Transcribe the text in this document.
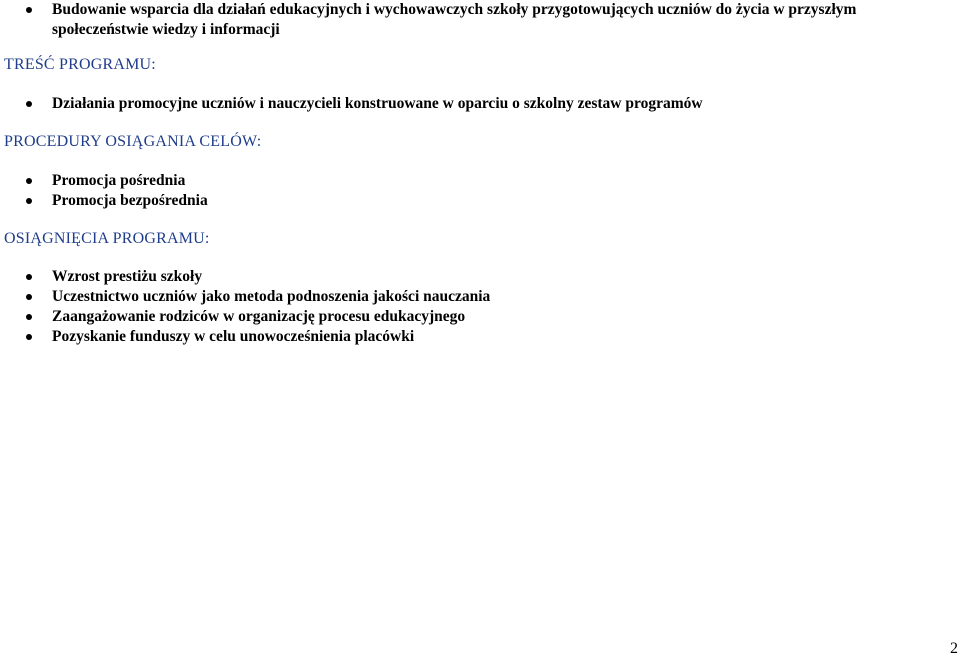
Budowanie wsparcia dla działań edukacyjnych i wychowawczych szkoły przygotowujących uczniów do życia w przyszłym społeczeństwie wiedzy i informacji
TREŚĆ PROGRAMU:
Działania promocyjne uczniów i nauczycieli konstruowane w oparciu o szkolny zestaw programów
PROCEDURY OSIĄGANIA CELÓW:
Promocja pośrednia
Promocja bezpośrednia
OSIĄGNIĘCIA PROGRAMU:
Wzrost prestiżu szkoły
Uczestnictwo uczniów jako metoda podnoszenia jakości nauczania
Zaangażowanie rodziców w organizację procesu edukacyjnego
Pozyskanie funduszy w celu unowocześnienia placówki
2
